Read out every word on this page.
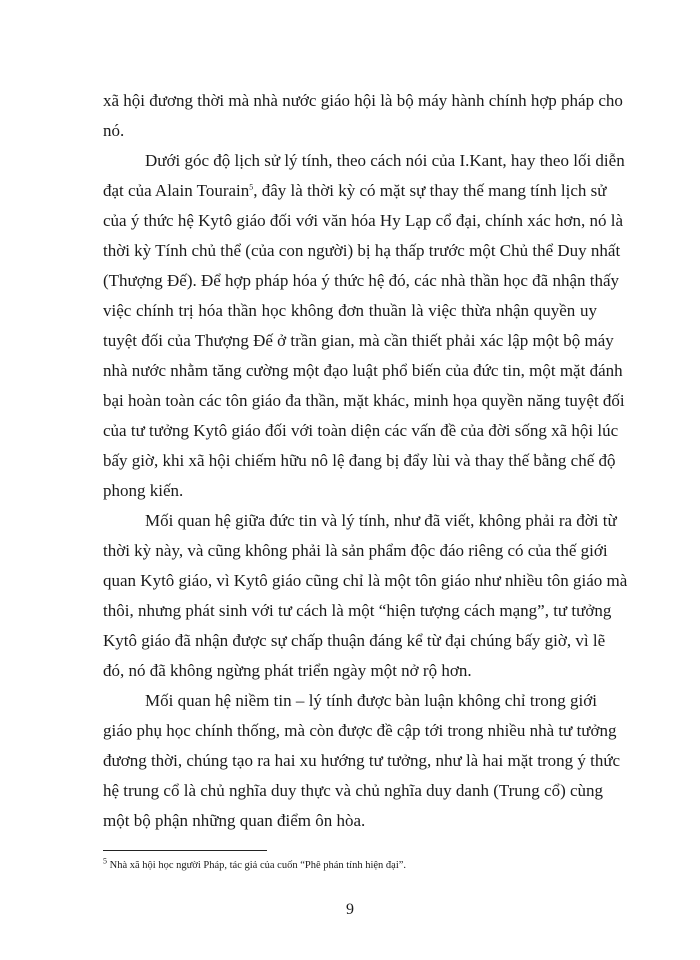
xã hội đương thời mà nhà nước giáo hội là bộ máy hành chính hợp pháp cho
nó.
Dưới góc độ lịch sử lý tính, theo cách nói của I.Kant, hay theo lối diễn
đạt của Alain Tourain$^5$, đây là thời kỳ có mặt sự thay thế mang tính lịch sử
của ý thức hệ Kytô giáo đối với văn hóa Hy Lạp cổ đại, chính xác hơn, nó là
thời kỳ Tính chủ thể (của con người) bị hạ thấp trước một Chủ thể Duy nhất
(Thượng Đế). Để hợp pháp hóa ý thức hệ đó, các nhà thần học đã nhận thấy
việc chính trị hóa thần học không đơn thuần là việc thừa nhận quyền uy
tuyệt đối của Thượng Đế ở trần gian, mà cần thiết phải xác lập một bộ máy
nhà nước nhằm tăng cường một đạo luật phổ biến của đức tin, một mặt đánh
bại hoàn toàn các tôn giáo đa thần, mặt khác, minh họa quyền năng tuyệt đối
của tư tưởng Kytô giáo đối với toàn diện các vấn đề của đời sống xã hội lúc
bấy giờ, khi xã hội chiếm hữu nô lệ đang bị đẩy lùi và thay thế bằng chế độ
phong kiến.
Mối quan hệ giữa đức tin và lý tính, như đã viết, không phải ra đời từ
thời kỳ này, và cũng không phải là sản phẩm độc đáo riêng có của thế giới
quan Kytô giáo, vì Kytô giáo cũng chỉ là một tôn giáo như nhiều tôn giáo mà
thôi, nhưng phát sinh với tư cách là một “hiện tượng cách mạng”, tư tưởng
Kytô giáo đã nhận được sự chấp thuận đáng kể từ đại chúng bấy giờ, vì lẽ
đó, nó đã không ngừng phát triển ngày một nở rộ hơn.
Mối quan hệ niềm tin – lý tính được bàn luận không chỉ trong giới
giáo phụ học chính thống, mà còn được đề cập tới trong nhiều nhà tư tưởng
đương thời, chúng tạo ra hai xu hướng tư tưởng, như là hai mặt trong ý thức
hệ trung cổ là chủ nghĩa duy thực và chủ nghĩa duy danh (Trung cổ) cùng
một bộ phận những quan điểm ôn hòa.
$^5$ Nhà xã hội học người Pháp, tác giả của cuốn “Phê phán tính hiện đại”.
9
